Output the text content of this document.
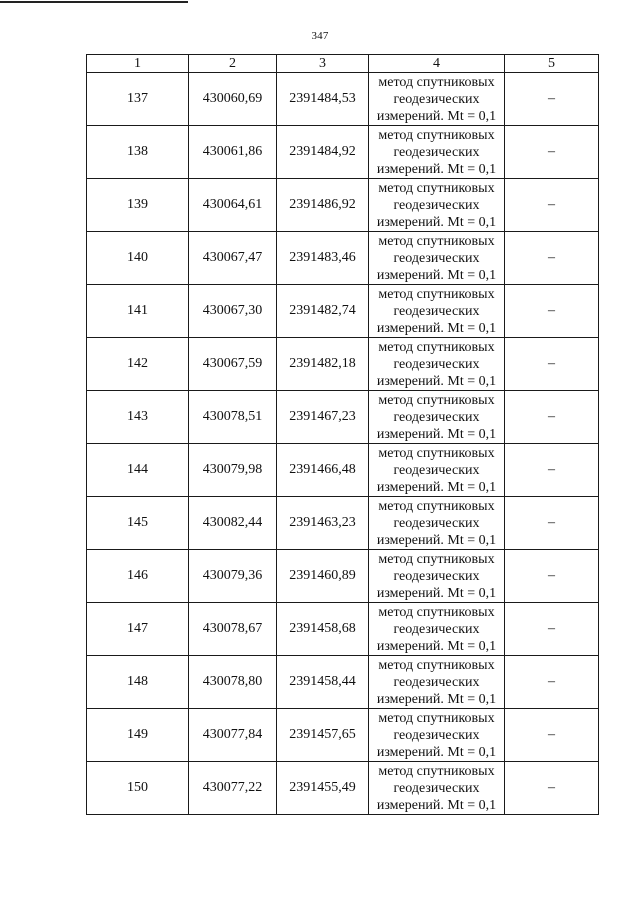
347
1	2	3	4	5
137	430060,69	2391484,53	метод спутниковых
геодезических
измерений. Mt = 0,1	–
138	430061,86	2391484,92	метод спутниковых
геодезических
измерений. Mt = 0,1	–
139	430064,61	2391486,92	метод спутниковых
геодезических
измерений. Mt = 0,1	–
140	430067,47	2391483,46	метод спутниковых
геодезических
измерений. Mt = 0,1	–
141	430067,30	2391482,74	метод спутниковых
геодезических
измерений. Mt = 0,1	–
142	430067,59	2391482,18	метод спутниковых
геодезических
измерений. Mt = 0,1	–
143	430078,51	2391467,23	метод спутниковых
геодезических
измерений. Mt = 0,1	–
144	430079,98	2391466,48	метод спутниковых
геодезических
измерений. Mt = 0,1	–
145	430082,44	2391463,23	метод спутниковых
геодезических
измерений. Mt = 0,1	–
146	430079,36	2391460,89	метод спутниковых
геодезических
измерений. Mt = 0,1	–
147	430078,67	2391458,68	метод спутниковых
геодезических
измерений. Mt = 0,1	–
148	430078,80	2391458,44	метод спутниковых
геодезических
измерений. Mt = 0,1	–
149	430077,84	2391457,65	метод спутниковых
геодезических
измерений. Mt = 0,1	–
150	430077,22	2391455,49	метод спутниковых
геодезических
измерений. Mt = 0,1	–
